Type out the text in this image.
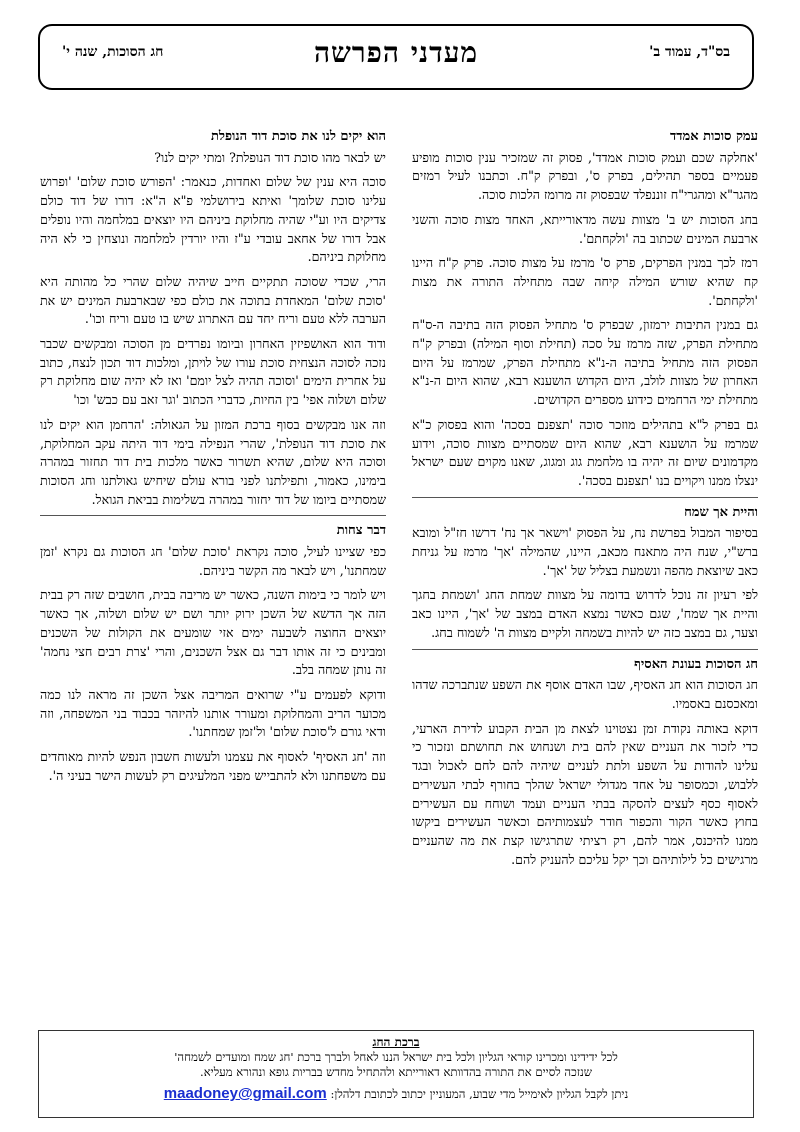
בס"ד, עמוד ב'
מעדני הפרשה
חג הסוכות, שנה י'
עמק סוכות אמדד

'אחלקה שכם ועמק סוכות אמדד', פסוק זה שמזכיר ענין סוכות מופיע פעמיים בספר תהילים, בפרק ס', ובפרק ק"ח. וכתבנו לעיל רמזים מהגר"א ומהגרי"ח זוננפלד שבפסוק זה מרומז הלכות סוכה.

בחג הסוכות יש ב' מצוות עשה מדאורייתא, האחד מצות סוכה והשני ארבעת המינים שכתוב בה 'ולקחתם'.

רמז לכך במנין הפרקים, פרק ס' מרמז על מצות סוכה. פרק ק"ח היינו קח שהיא שורש המילה קיחה שבה מתחילה התורה את מצות 'ולקחתם'.

גם במנין התיבות ירמזון, שבפרק ס' מתחיל הפסוק הזה בתיבה ה-ס"ח מתחילת הפרק, שזה מרמז על סכה (תחילת וסוף המילה) ובפרק ק"ח הפסוק הזה מתחיל בתיבה ה-נ"א מתחילת הפרק, שמרמז על היום האחרון של מצוות לולב, היום הקדוש הושענא רבא, שהוא היום ה-נ"א מתחילת ימי הרחמים כידוע מספרים הקדושים.

גם בפרק ל"א בתהילים מוזכר סוכה 'תצפנם בסכה' והוא בפסוק כ"א שמרמז על הושענא רבא, שהוא היום שמסתיים מצוות סוכה, וידוע מקדמונים שיום זה יהיה בו מלחמת גוג ומגוג, שאנו מקוים שעם ישראל ינצלו ממנו ויקויים בנו 'תצפנם בסכה'.

והיית אך שמח

בסיפור המבול בפרשת נח, על הפסוק 'וישאר אך נח' דרשו חז"ל ומובא ברש"י, שנח היה מתאנח מכאב, היינו, שהמילה 'אך' מרמז על גניחת כאב שיוצאת מהפה ונשמעת בצליל של 'אך'.

לפי רעיון זה נוכל לדרוש בדומה על מצוות שמחת החג 'ושמחת בחגך והיית אך שמח', שגם כאשר נמצא האדם במצב של 'אך', היינו כאב וצער, גם במצב כזה יש להיות בשמחה ולקיים מצוות ה' לשמוח בחג.

חג הסוכות בעונת האסיף

חג הסוכות הוא חג האסיף, שבו האדם אוסף את השפע שנתברכה שדהו ומאכסנם באסמיו.

דוקא באותה נקודת זמן נצטוינו לצאת מן הבית הקבוע לדירת הארעי, כדי לזכור את העניים שאין להם בית ושנחוש את תחושתם ונזכור כי עלינו להודות על השפע ולתת לעניים שיהיה להם לחם לאכול ובגד ללבוש, וכמסופר על אחד מגדולי ישראל שהלך בחורף לבתי העשירים לאסוף כסף לעצים להסקה בבתי העניים ועמד ושוחח עם העשירים בחוץ כאשר הקור והכפור חודר לעצמותיהם וכאשר העשירים ביקשו ממנו להיכנס, אמר להם, רק רציתי שתרגישו קצת את מה שהעניים מרגישים כל לילותיהם וכך יקל עליכם להעניק להם.

הוא יקים לנו את סוכת דוד הנופלת

יש לבאר מהו סוכת דוד הנופלת? ומתי יקים לנו?

סוכה היא ענין של שלום ואחדות, כנאמר: 'הפורש סוכת שלום' 'ופרוש עלינו סוכת שלומך' ואיתא בירושלמי פ"א ה"א: דורו של דוד כולם צדיקים היו וע"י שהיה מחלוקת ביניהם היו יוצאים במלחמה והיו נופלים אבל דורו של אחאב עובדי ע"ז והיו יורדין למלחמה ונוצחין כי לא היה מחלוקת ביניהם.

הרי, שכדי שסוכה תתקיים חייב שיהיה שלום שהרי כל מהותה היא 'סוכת שלום' המאחדת בתוכה את כולם כפי שבארבעת המינים יש את הערבה ללא טעם וריח יחד עם האתרוג שיש בו טעם וריח וכו'.

ודוד הוא האושפיזין האחרון וביומו נפרדים מן הסוכה ומבקשים שכבר נזכה לסוכה הנצחית סוכת עורו של לויתן, ומלכות דוד תכון לנצח, כתוב על אחרית הימים 'וסוכה תהיה לצל יומם' ואז לא יהיה שום מחלוקת רק שלום ושלוה אפי' בין החיות, כדברי הכתוב 'וגר זאב עם כבש' וכו'

וזה אנו מבקשים בסוף ברכת המזון על הגאולה: 'הרחמן הוא יקים לנו את סוכת דוד הנופלת', שהרי הנפילה בימי דוד היתה עקב המחלוקת, וסוכה היא שלום, שהיא תשרור כאשר מלכות בית דוד תחזור במהרה בימינו, כאמור, ותפילתנו לפני בורא עולם שיחיש גאולתנו וחג הסוכות שמסתיים ביומו של דוד יחזור במהרה בשלימות בביאת הגואל.

דבר צחות

כפי שציינו לעיל, סוכה נקראת 'סוכת שלום' חג הסוכות גם נקרא 'זמן שמחתנו', ויש לבאר מה הקשר ביניהם.

ויש לומר כי בימות השנה, כאשר יש מריבה בבית, חושבים שזה רק בבית הזה אך הדשא של השכן ירוק יותר ושם יש שלום ושלוה, אך כאשר יוצאים החוצה לשבעה ימים אזי שומעים את הקולות של השכנים ומבינים כי זה אותו דבר גם אצל השכנים, והרי 'צרת רבים חצי נחמה' זה נותן שמחה בלב.

ודוקא לפעמים ע"י שרואים המריבה אצל השכן זה מראה לנו כמה מכוער הריב והמחלוקת ומעורר אותנו להיזהר בכבוד בני המשפחה, וזה ודאי גורם ל'סוכת שלום' ול'זמן שמחתנו'.

וזה 'חג האסיף' לאסוף את עצמנו ולעשות חשבון הנפש להיות מאוחדים עם משפחתנו ולא להתבייש מפני המלעיגים רק לעשות הישר בעיני ה'.

ברכת החג
לכל ידידינו ומכרינו קוראי הגליון ולכל בית ישראל הננו לאחל ולברך ברכת 'חג שמח ומועדים לשמחה'
שנזכה לסיים את התורה בהדוותא דאורייתא ולהתחיל מחדש בבריות גופא ונהורא מעליא.
ניתן לקבל הגליון לאימייל מדי שבוע, המעוניין יכתוב לכתובת דלהלן: maadoney@gmail.com
